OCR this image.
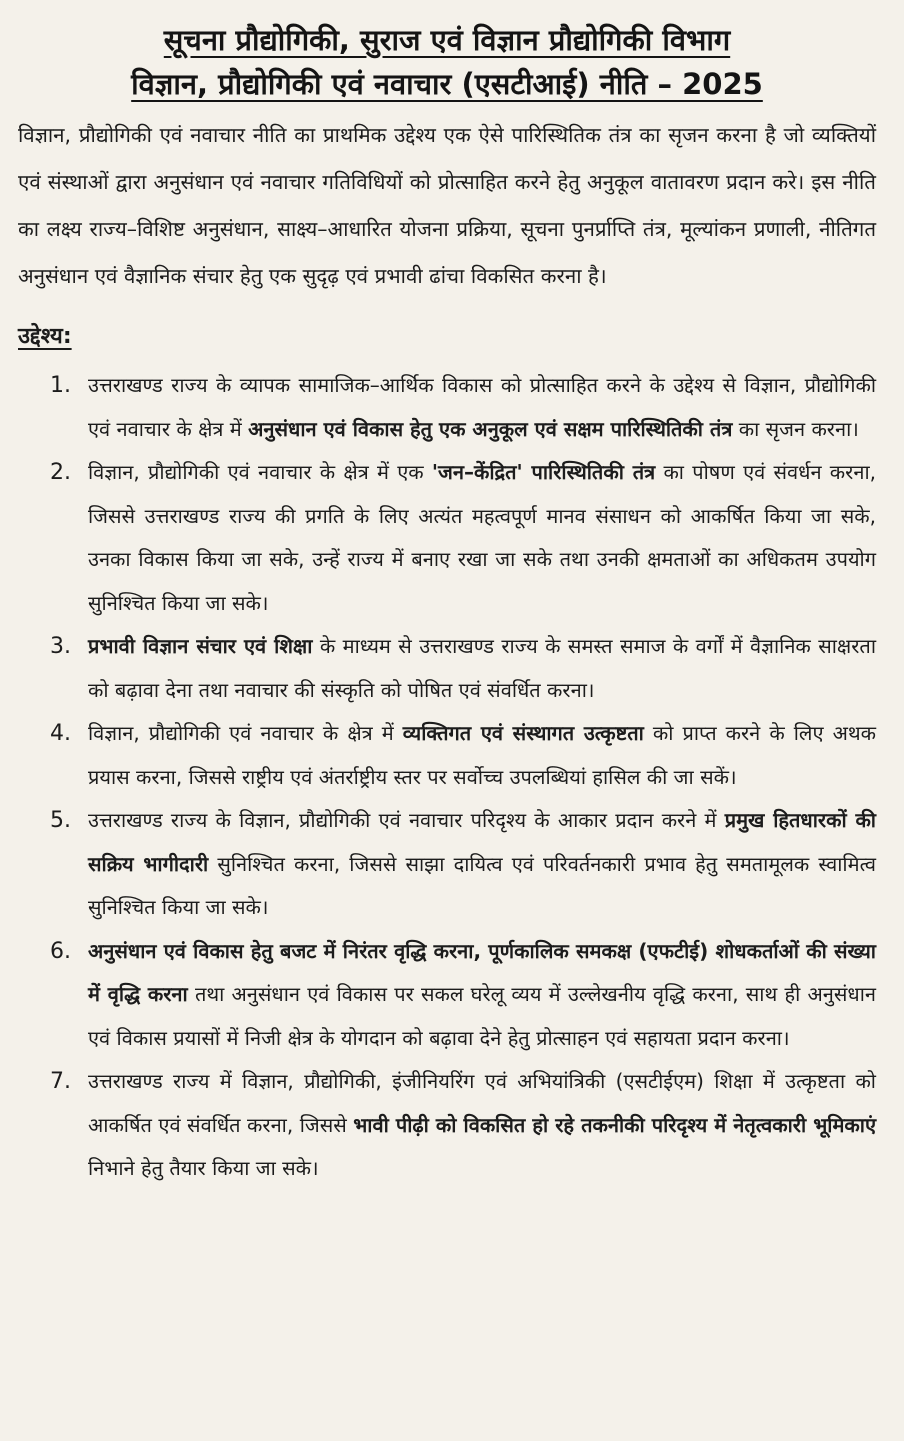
सूचना प्रौद्योगिकी, सुराज एवं विज्ञान प्रौद्योगिकी विभाग
विज्ञान, प्रौद्योगिकी एवं नवाचार (एसटीआई) नीति – 2025

विज्ञान, प्रौद्योगिकी एवं नवाचार नीति का प्राथमिक उद्देश्य एक ऐसे पारिस्थितिक तंत्र का सृजन करना है जो व्यक्तियों एवं संस्थाओं द्वारा अनुसंधान एवं नवाचार गतिविधियों को प्रोत्साहित करने हेतु अनुकूल वातावरण प्रदान करे। इस नीति का लक्ष्य राज्य–विशिष्ट अनुसंधान, साक्ष्य–आधारित योजना प्रक्रिया, सूचना पुनर्प्राप्ति तंत्र, मूल्यांकन प्रणाली, नीतिगत अनुसंधान एवं वैज्ञानिक संचार हेतु एक सुदृढ़ एवं प्रभावी ढांचा विकसित करना है।

उद्देश्य:
1. उत्तराखण्ड राज्य के व्यापक सामाजिक–आर्थिक विकास को प्रोत्साहित करने के उद्देश्य से विज्ञान, प्रौद्योगिकी एवं नवाचार के क्षेत्र में अनुसंधान एवं विकास हेतु एक अनुकूल एवं सक्षम पारिस्थितिकी तंत्र का सृजन करना।
2. विज्ञान, प्रौद्योगिकी एवं नवाचार के क्षेत्र में एक 'जन–केंद्रित' पारिस्थितिकी तंत्र का पोषण एवं संवर्धन करना, जिससे उत्तराखण्ड राज्य की प्रगति के लिए अत्यंत महत्वपूर्ण मानव संसाधन को आकर्षित किया जा सके, उनका विकास किया जा सके, उन्हें राज्य में बनाए रखा जा सके तथा उनकी क्षमताओं का अधिकतम उपयोग सुनिश्चित किया जा सके।
3. प्रभावी विज्ञान संचार एवं शिक्षा के माध्यम से उत्तराखण्ड राज्य के समस्त समाज के वर्गों में वैज्ञानिक साक्षरता को बढ़ावा देना तथा नवाचार की संस्कृति को पोषित एवं संवर्धित करना।
4. विज्ञान, प्रौद्योगिकी एवं नवाचार के क्षेत्र में व्यक्तिगत एवं संस्थागत उत्कृष्टता को प्राप्त करने के लिए अथक प्रयास करना, जिससे राष्ट्रीय एवं अंतर्राष्ट्रीय स्तर पर सर्वोच्च उपलब्धियां हासिल की जा सकें।
5. उत्तराखण्ड राज्य के विज्ञान, प्रौद्योगिकी एवं नवाचार परिदृश्य के आकार प्रदान करने में प्रमुख हितधारकों की सक्रिय भागीदारी सुनिश्चित करना, जिससे साझा दायित्व एवं परिवर्तनकारी प्रभाव हेतु समतामूलक स्वामित्व सुनिश्चित किया जा सके।
6. अनुसंधान एवं विकास हेतु बजट में निरंतर वृद्धि करना, पूर्णकालिक समकक्ष (एफटीई) शोधकर्ताओं की संख्या में वृद्धि करना तथा अनुसंधान एवं विकास पर सकल घरेलू व्यय में उल्लेखनीय वृद्धि करना, साथ ही अनुसंधान एवं विकास प्रयासों में निजी क्षेत्र के योगदान को बढ़ावा देने हेतु प्रोत्साहन एवं सहायता प्रदान करना।
7. उत्तराखण्ड राज्य में विज्ञान, प्रौद्योगिकी, इंजीनियरिंग एवं अभियांत्रिकी (एसटीईएम) शिक्षा में उत्कृष्टता को आकर्षित एवं संवर्धित करना, जिससे भावी पीढ़ी को विकसित हो रहे तकनीकी परिदृश्य में नेतृत्वकारी भूमिकाएं निभाने हेतु तैयार किया जा सके।
